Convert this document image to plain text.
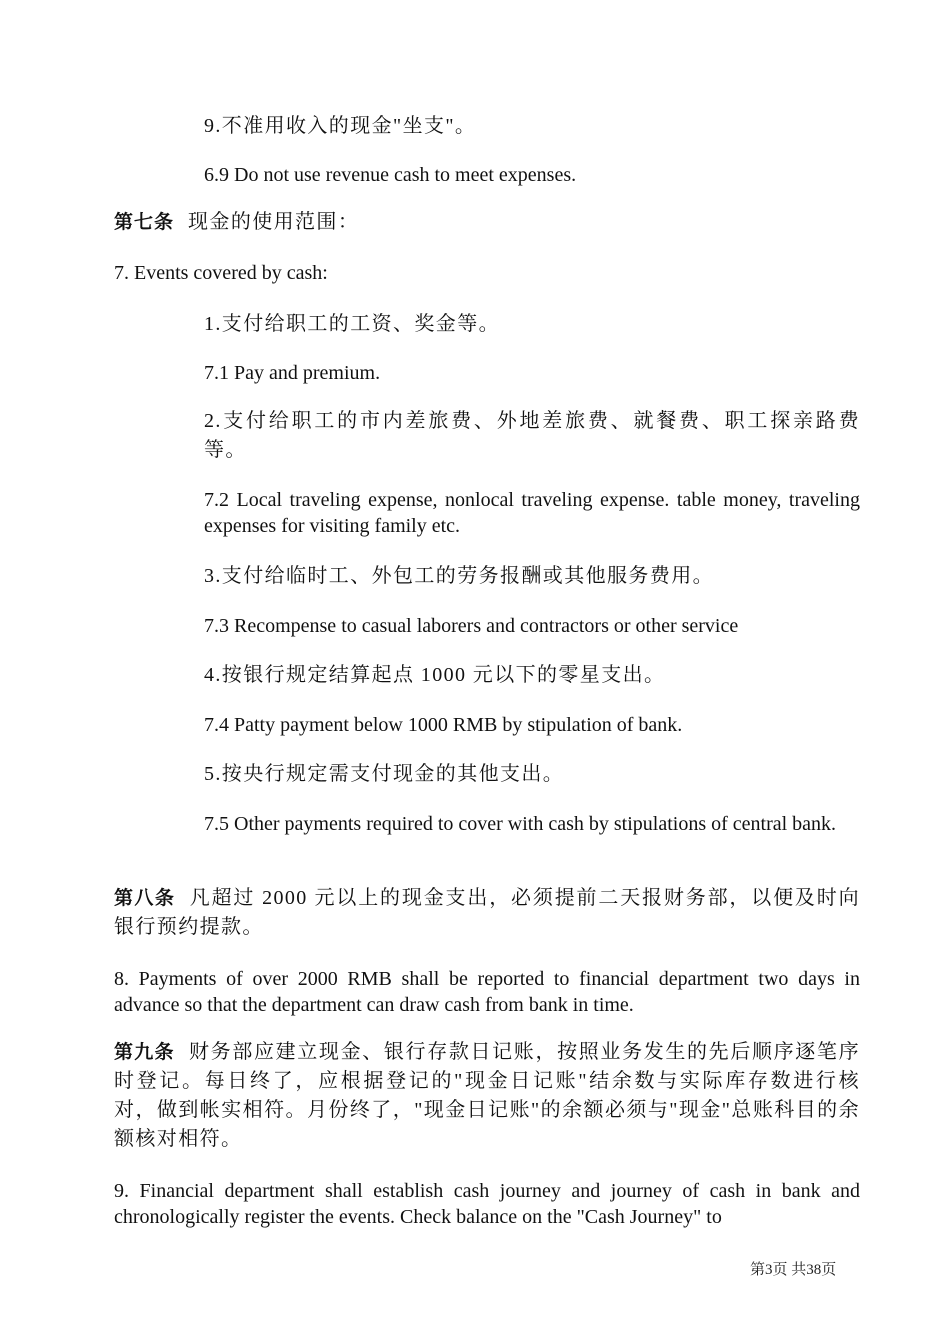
9.不准用收入的现金"坐支"。

6.9 Do not use revenue cash to meet expenses.

第七条 现金的使用范围：

7. Events covered by cash:

1.支付给职工的工资、奖金等。

7.1 Pay and premium.

2.支付给职工的市内差旅费、外地差旅费、就餐费、职工探亲路费等。

7.2 Local traveling expense, nonlocal traveling expense. table money, traveling expenses for visiting family etc.

3.支付给临时工、外包工的劳务报酬或其他服务费用。

7.3 Recompense to casual laborers and contractors or other service

4.按银行规定结算起点 1000 元以下的零星支出。

7.4 Patty payment below 1000 RMB by stipulation of bank.

5.按央行规定需支付现金的其他支出。

7.5 Other payments required to cover with cash by stipulations of central bank.

第八条 凡超过 2000 元以上的现金支出，必须提前二天报财务部，以便及时向银行预约提款。

8. Payments of over 2000 RMB shall be reported to financial department two days in advance so that the department can draw cash from bank in time.

第九条 财务部应建立现金、银行存款日记账，按照业务发生的先后顺序逐笔序时登记。每日终了，应根据登记的"现金日记账"结余数与实际库存数进行核对，做到帐实相符。月份终了，"现金日记账"的余额必须与"现金"总账科目的余额核对相符。

9. Financial department shall establish cash journey and journey of cash in bank and chronologically register the events. Check balance on the "Cash Journey" to

第3页 共38页
